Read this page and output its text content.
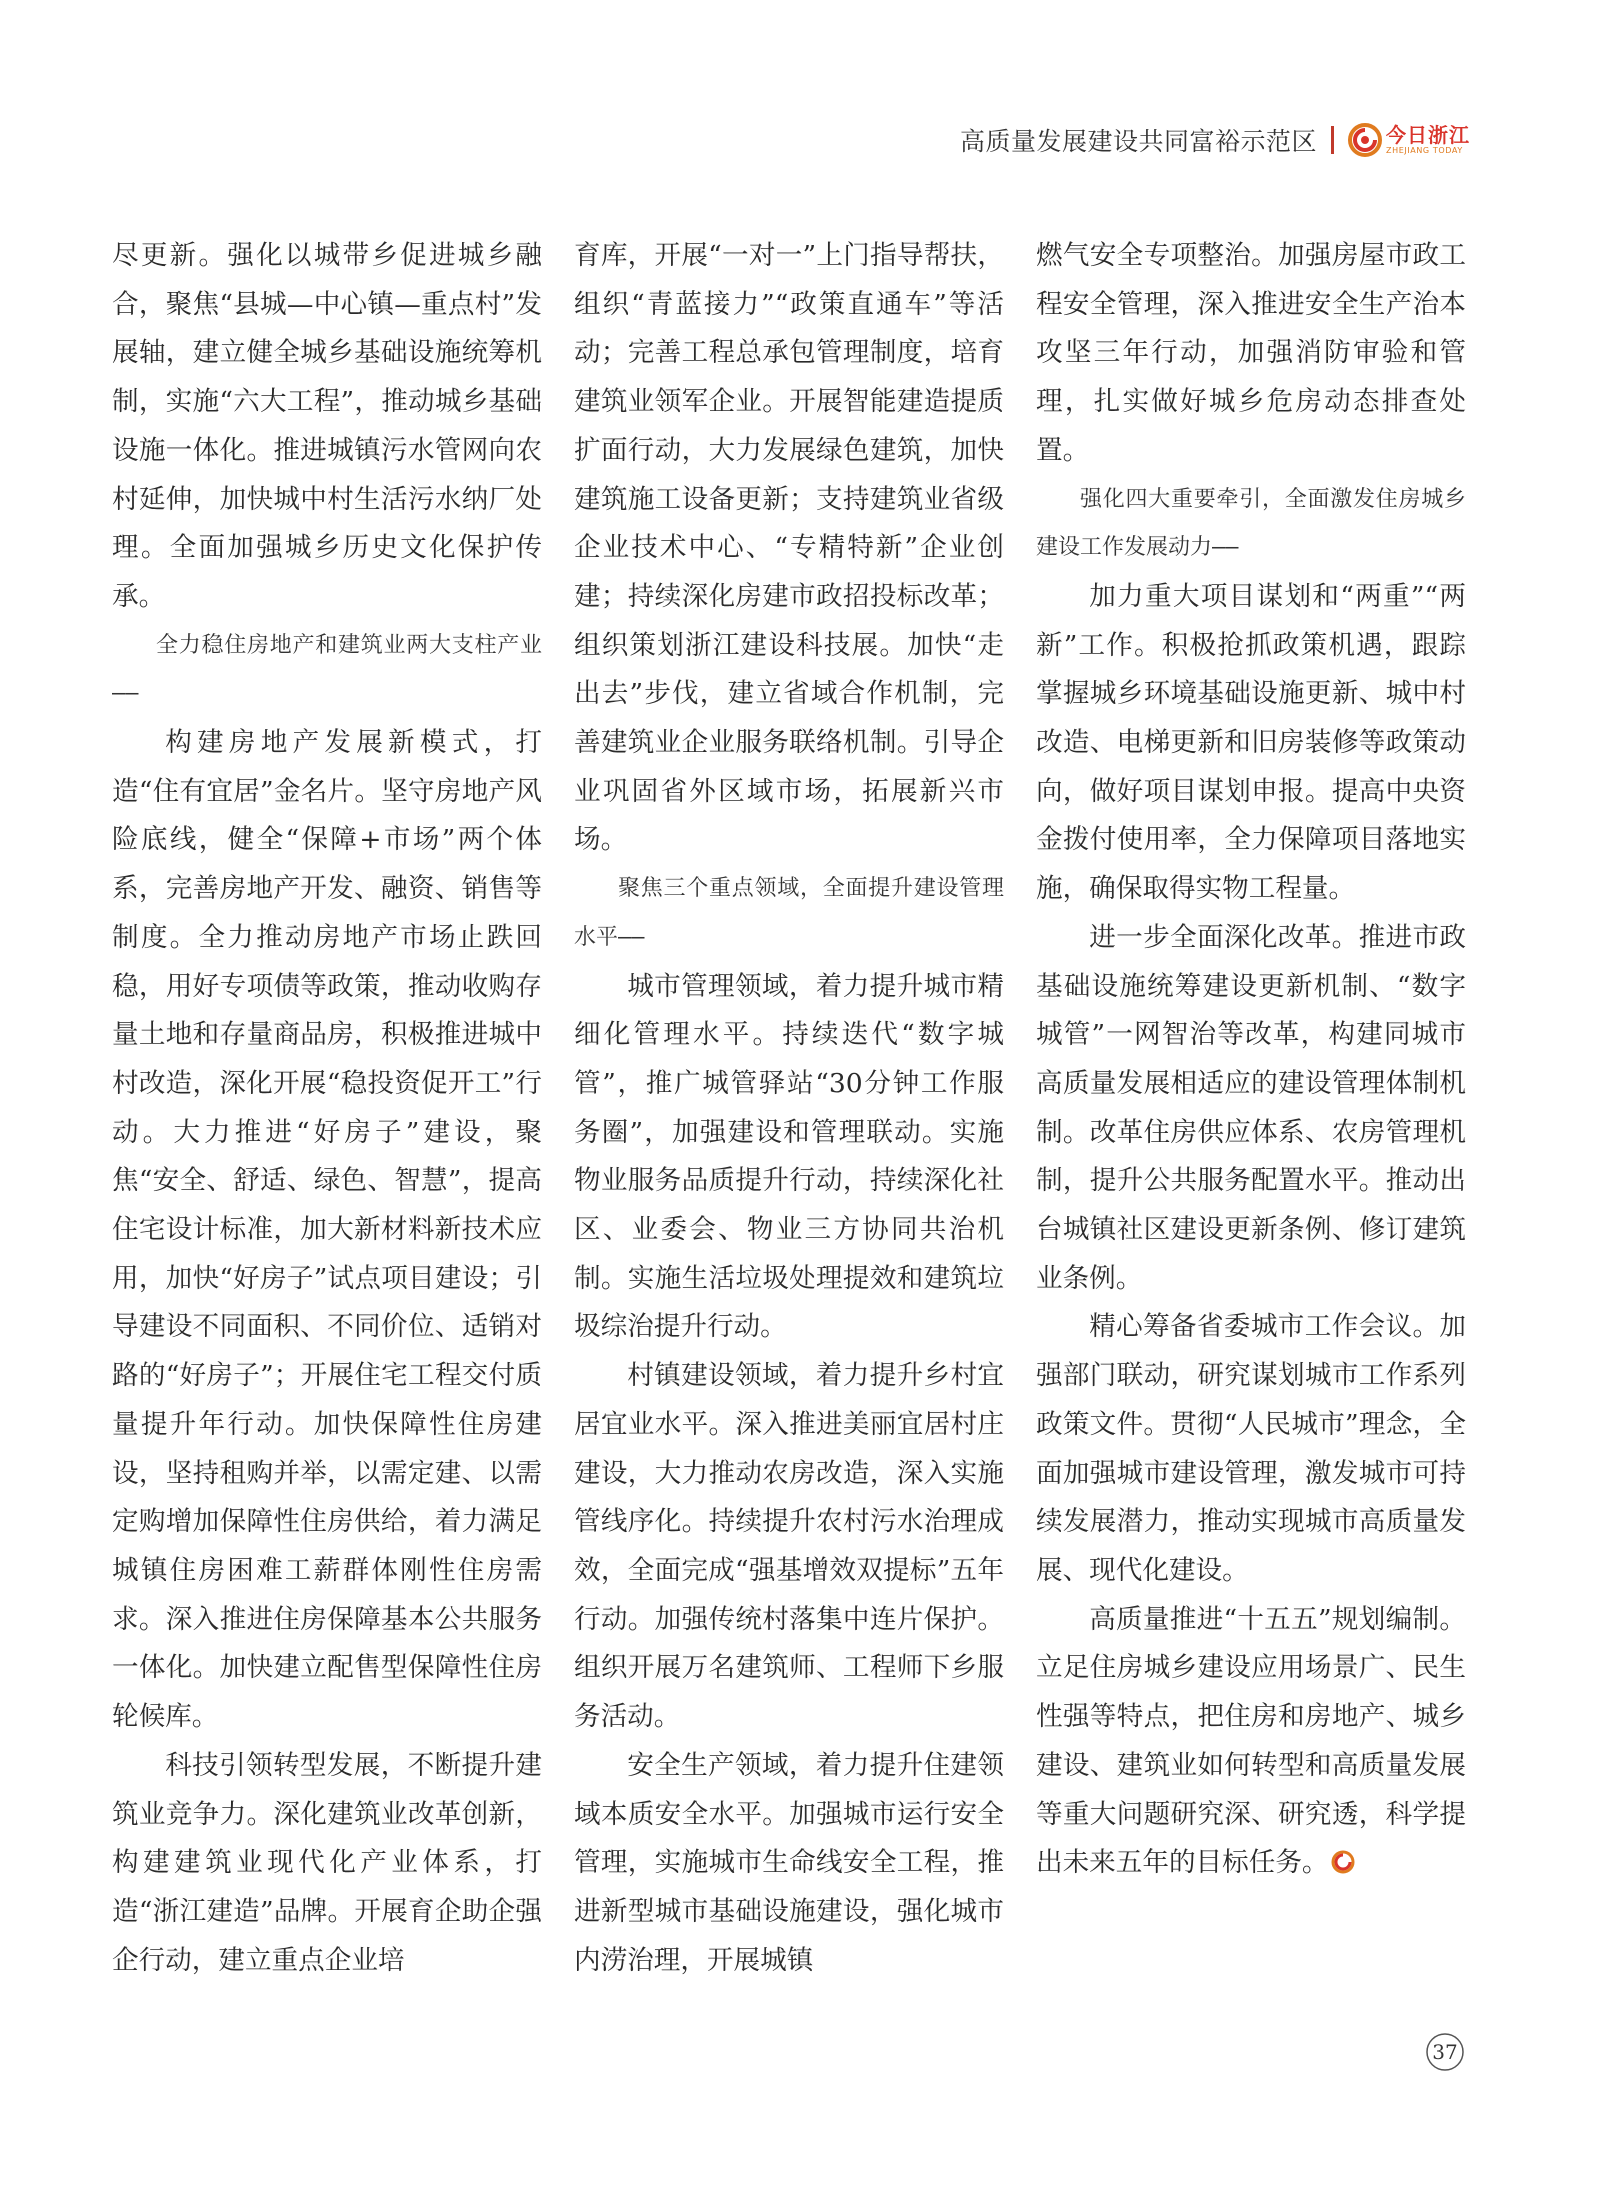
高质量发展建设共同富裕示范区	今日浙江
ZHEJIANG TODAY

尽更新。强化以城带乡促进城乡融合，聚焦“县城—中心镇—重点村”发展轴，建立健全城乡基础设施统筹机制，实施“六大工程”，推动城乡基础设施一体化。推进城镇污水管网向农村延伸，加快城中村生活污水纳厂处理。全面加强城乡历史文化保护传承。

全力稳住房地产和建筑业两大支柱产业——

构建房地产发展新模式，打造“住有宜居”金名片。坚守房地产风险底线，健全“保障+市场”两个体系，完善房地产开发、融资、销售等制度。全力推动房地产市场止跌回稳，用好专项债等政策，推动收购存量土地和存量商品房，积极推进城中村改造，深化开展“稳投资促开工”行动。大力推进“好房子”建设，聚焦“安全、舒适、绿色、智慧”，提高住宅设计标准，加大新材料新技术应用，加快“好房子”试点项目建设；引导建设不同面积、不同价位、适销对路的“好房子”；开展住宅工程交付质量提升年行动。加快保障性住房建设，坚持租购并举，以需定建、以需定购增加保障性住房供给，着力满足城镇住房困难工薪群体刚性住房需求。深入推进住房保障基本公共服务一体化。加快建立配售型保障性住房轮候库。

科技引领转型发展，不断提升建筑业竞争力。深化建筑业改革创新，构建建筑业现代化产业体系，打造“浙江建造”品牌。开展育企助企强企行动，建立重点企业培

育库，开展“一对一”上门指导帮扶，组织“青蓝接力”“政策直通车”等活动；完善工程总承包管理制度，培育建筑业领军企业。开展智能建造提质扩面行动，大力发展绿色建筑，加快建筑施工设备更新；支持建筑业省级企业技术中心、“专精特新”企业创建；持续深化房建市政招投标改革；组织策划浙江建设科技展。加快“走出去”步伐，建立省域合作机制，完善建筑业企业服务联络机制。引导企业巩固省外区域市场，拓展新兴市场。

聚焦三个重点领域，全面提升建设管理水平——

城市管理领域，着力提升城市精细化管理水平。持续迭代“数字城管”，推广城管驿站“30分钟工作服务圈”，加强建设和管理联动。实施物业服务品质提升行动，持续深化社区、业委会、物业三方协同共治机制。实施生活垃圾处理提效和建筑垃圾综治提升行动。

村镇建设领域，着力提升乡村宜居宜业水平。深入推进美丽宜居村庄建设，大力推动农房改造，深入实施管线序化。持续提升农村污水治理成效，全面完成“强基增效双提标”五年行动。加强传统村落集中连片保护。组织开展万名建筑师、工程师下乡服务活动。

安全生产领域，着力提升住建领域本质安全水平。加强城市运行安全管理，实施城市生命线安全工程，推进新型城市基础设施建设，强化城市内涝治理，开展城镇

燃气安全专项整治。加强房屋市政工程安全管理，深入推进安全生产治本攻坚三年行动，加强消防审验和管理，扎实做好城乡危房动态排查处置。

强化四大重要牵引，全面激发住房城乡建设工作发展动力——

加力重大项目谋划和“两重”“两新”工作。积极抢抓政策机遇，跟踪掌握城乡环境基础设施更新、城中村改造、电梯更新和旧房装修等政策动向，做好项目谋划申报。提高中央资金拨付使用率，全力保障项目落地实施，确保取得实物工程量。

进一步全面深化改革。推进市政基础设施统筹建设更新机制、“数字城管”一网智治等改革，构建同城市高质量发展相适应的建设管理体制机制。改革住房供应体系、农房管理机制，提升公共服务配置水平。推动出台城镇社区建设更新条例、修订建筑业条例。

精心筹备省委城市工作会议。加强部门联动，研究谋划城市工作系列政策文件。贯彻“人民城市”理念，全面加强城市建设管理，激发城市可持续发展潜力，推动实现城市高质量发展、现代化建设。

高质量推进“十五五”规划编制。立足住房城乡建设应用场景广、民生性强等特点，把住房和房地产、城乡建设、建筑业如何转型和高质量发展等重大问题研究深、研究透，科学提出未来五年的目标任务。

37
